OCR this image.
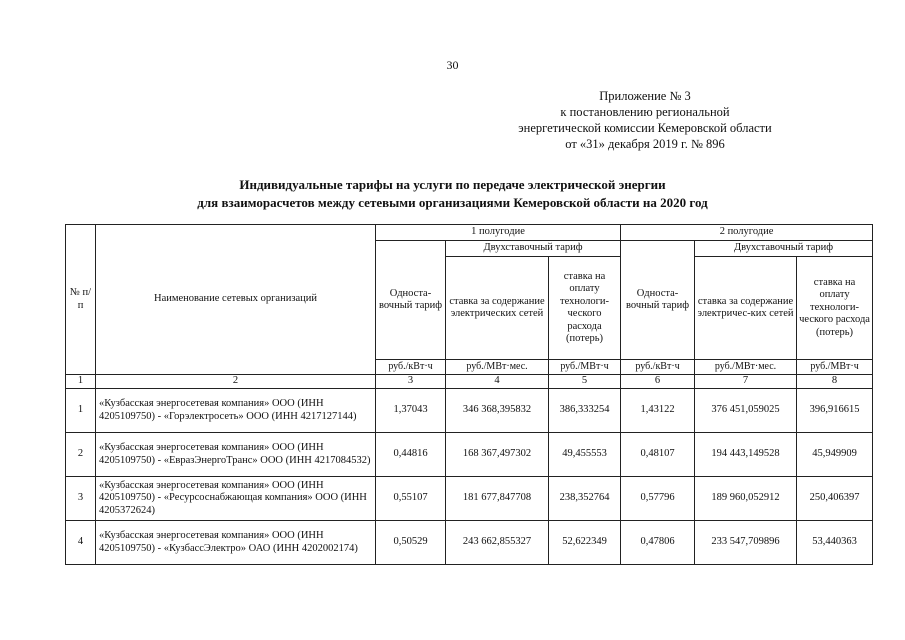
30
Приложение № 3
к постановлению региональной
энергетической комиссии Кемеровской области
от «31» декабря 2019 г. № 896
Индивидуальные тарифы на услуги по передаче электрической энергии
для взаиморасчетов между сетевыми организациями Кемеровской области на 2020 год
№ п/п	Наименование сетевых организаций	1 полугодие			2 полугодие		
		Односта-вочный тариф	Двухставочный тариф		Односта-вочный тариф	Двухставочный тариф	
			ставка за содержание электрических сетей	ставка на оплату технологи-ческого расхода (потерь)		ставка за содержание электричес-ких сетей	ставка на оплату технологи-ческого расхода (потерь)
		руб./кВт·ч	руб./МВт·мес.	руб./МВт·ч	руб./кВт·ч	руб./МВт·мес.	руб./МВт·ч
1	2	3	4	5	6	7	8
1	«Кузбасская энергосетевая компания» ООО (ИНН 4205109750) - «Горэлектросеть» ООО (ИНН 4217127144)	1,37043	346 368,395832	386,333254	1,43122	376 451,059025	396,916615
2	«Кузбасская энергосетевая компания» ООО (ИНН 4205109750) - «ЕвразЭнергоТранс» ООО (ИНН 4217084532)	0,44816	168 367,497302	49,455553	0,48107	194 443,149528	45,949909
3	«Кузбасская энергосетевая компания» ООО (ИНН 4205109750) - «Ресурсоснабжающая компания» ООО (ИНН 4205372624)	0,55107	181 677,847708	238,352764	0,57796	189 960,052912	250,406397
4	«Кузбасская энергосетевая компания» ООО (ИНН 4205109750) - «КузбассЭлектро» ОАО (ИНН 4202002174)	0,50529	243 662,855327	52,622349	0,47806	233 547,709896	53,440363
